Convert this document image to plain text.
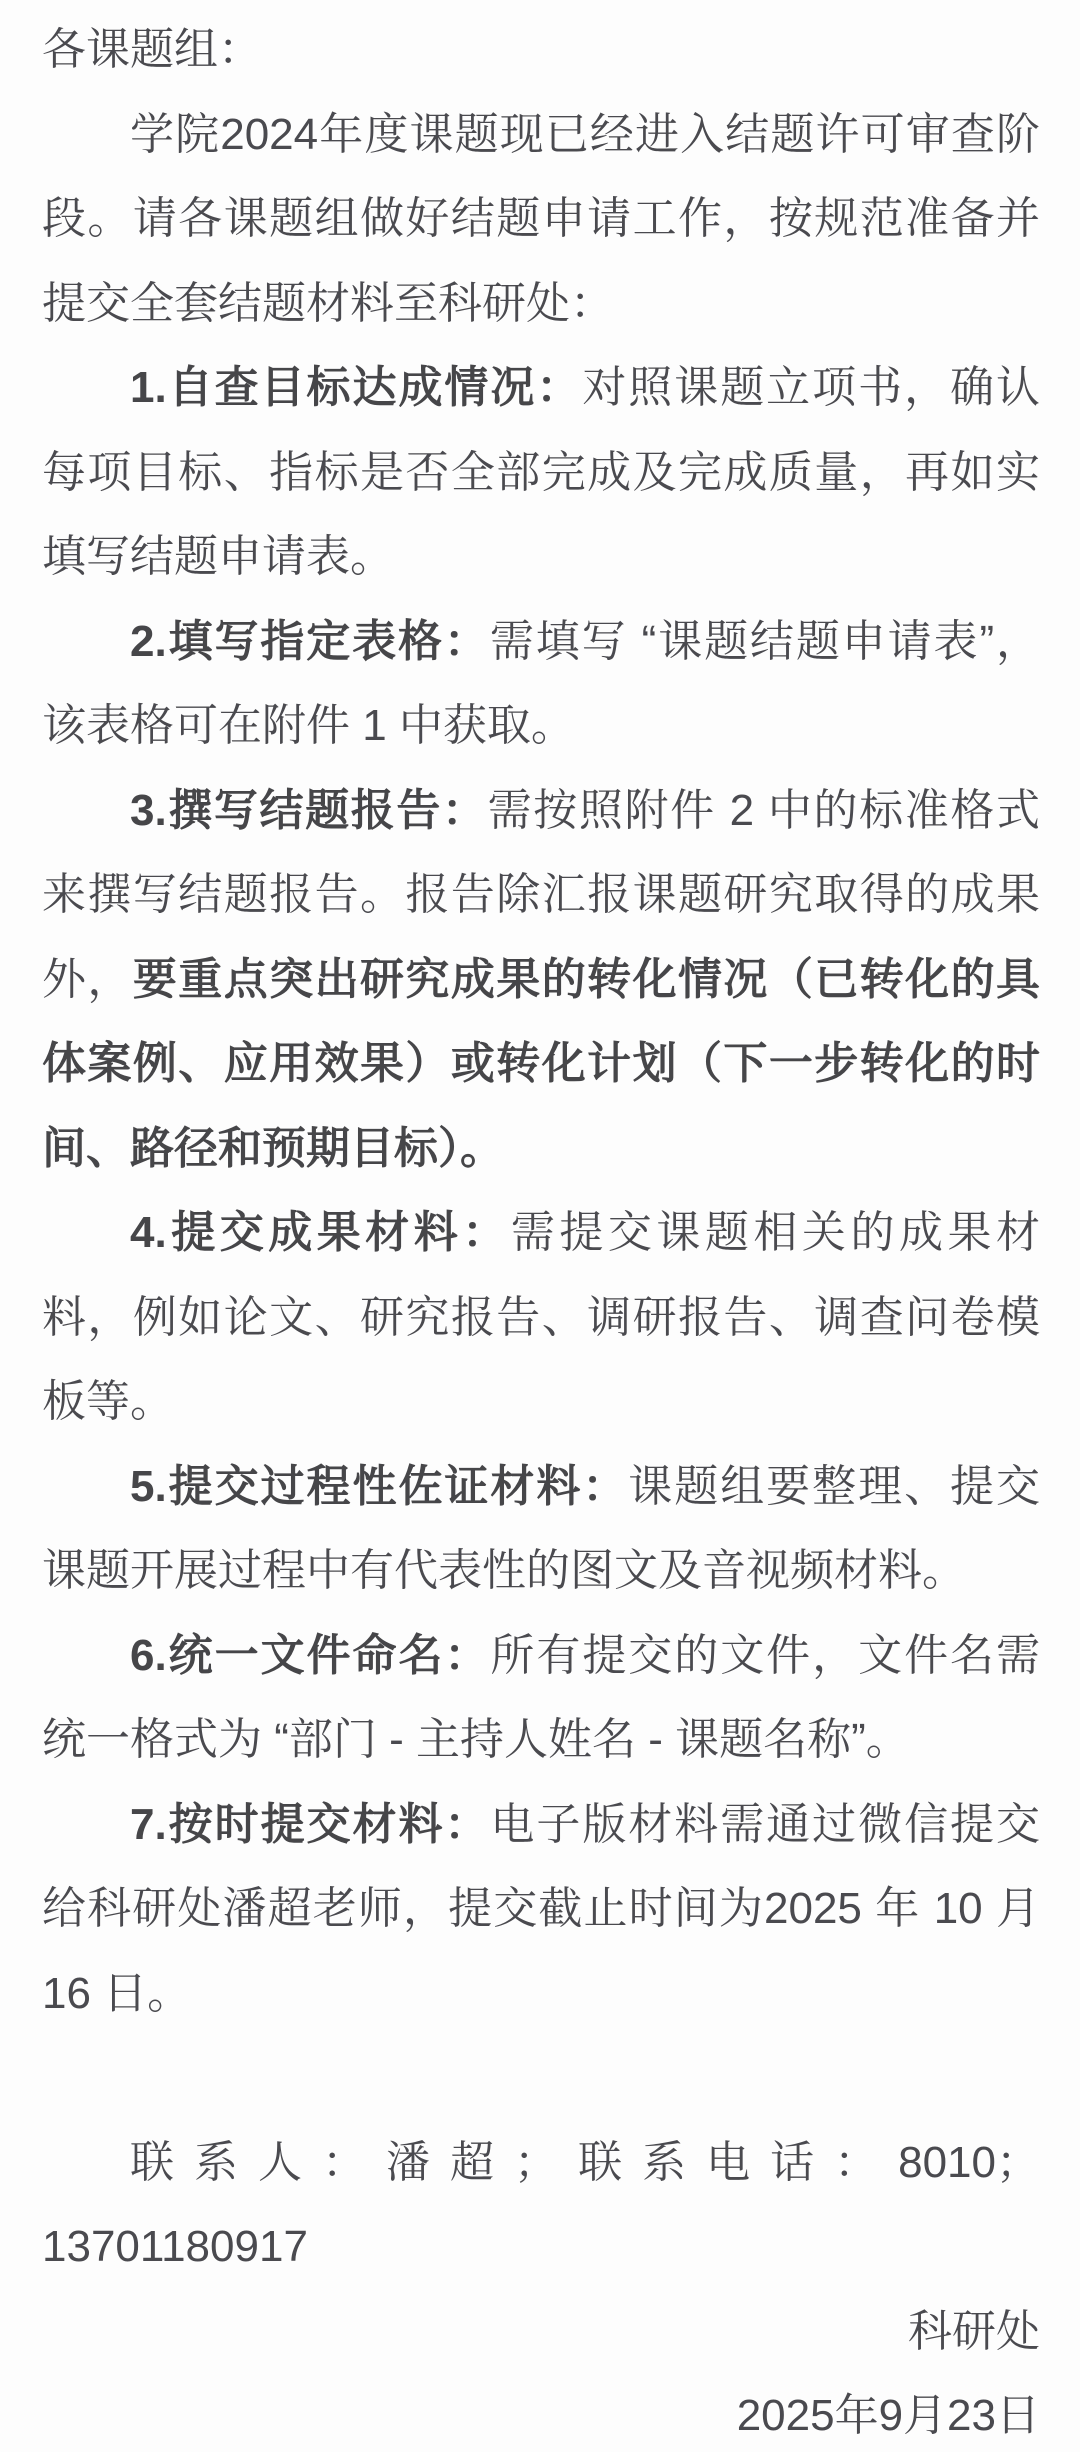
各课题组：

学院2024年度课题现已经进入结题许可审查阶段。请各课题组做好结题申请工作，按规范准备并提交全套结题材料至科研处：

1.自查目标达成情况：对照课题立项书，确认每项目标、指标是否全部完成及完成质量，再如实填写结题申请表。

2.填写指定表格：需填写 “课题结题申请表”，该表格可在附件 1 中获取。

3.撰写结题报告：需按照附件 2 中的标准格式来撰写结题报告。报告除汇报课题研究取得的成果外，要重点突出研究成果的转化情况（已转化的具体案例、应用效果）或转化计划（下一步转化的时间、路径和预期目标）。

4.提交成果材料：需提交课题相关的成果材料，例如论文、研究报告、调研报告、调查问卷模板等。

5.提交过程性佐证材料：课题组要整理、提交课题开展过程中有代表性的图文及音视频材料。

6.统一文件命名：所有提交的文件，文件名需统一格式为 “部门 - 主持人姓名 - 课题名称”。

7.按时提交材料：电子版材料需通过微信提交给科研处潘超老师，提交截止时间为2025 年 10 月 16 日。

联系人：潘超；联系电话：8010；13701180917

科研处

2025年9月23日
